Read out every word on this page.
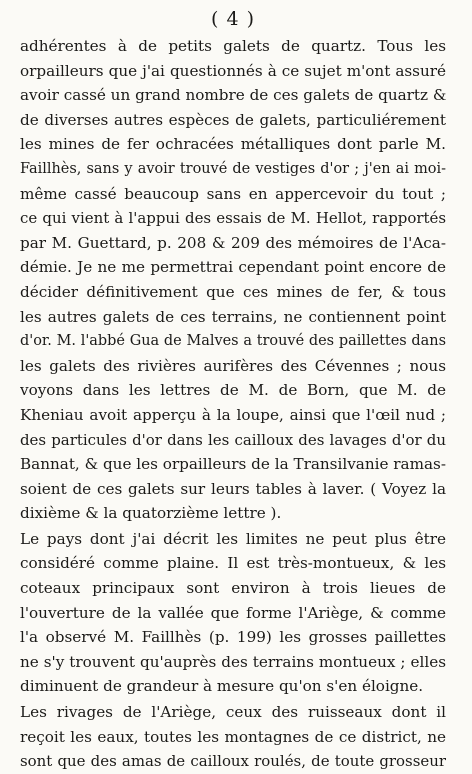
( 4 )

adhérentes à de petits galets de quartz. Tous les
orpailleurs que j'ai questionnés à ce sujet m'ont assuré
avoir cassé un grand nombre de ces galets de quartz &
de diverses autres espèces de galets, particuliérement
les mines de fer ochracées métalliques dont parle M.
Faillhès, sans y avoir trouvé de vestiges d'or ; j'en ai moi-
même cassé beaucoup sans en appercevoir du tout ;
ce qui vient à l'appui des essais de M. Hellot, rapportés
par M. Guettard, p. 208 & 209 des mémoires de l'Aca-
démie. Je ne me permettrai cependant point encore de
décider définitivement que ces mines de fer, & tous
les autres galets de ces terrains, ne contiennent point
d'or. M. l'abbé Gua de Malves a trouvé des paillettes dans
les galets des rivières aurifères des Cévennes ; nous
voyons dans les lettres de M. de Born, que M. de
Kheniau avoit apperçu à la loupe, ainsi que l'œil nud ;
des particules d'or dans les cailloux des lavages d'or du
Bannat, & que les orpailleurs de la Transilvanie ramas-
soient de ces galets sur leurs tables à laver. ( Voyez la
dixième & la quatorzième lettre ).

Le pays dont j'ai décrit les limites ne peut plus être
considéré comme plaine. Il est très-montueux, & les
coteaux principaux sont environ à trois lieues de
l'ouverture de la vallée que forme l'Ariège, & comme
l'a observé M. Faillhès (p. 199) les grosses paillettes
ne s'y trouvent qu'auprès des terrains montueux ; elles
diminuent de grandeur à mesure qu'on s'en éloigne.

Les rivages de l'Ariège, ceux des ruisseaux dont il
reçoit les eaux, toutes les montagnes de ce district, ne
sont que des amas de cailloux roulés, de toute grosseur
